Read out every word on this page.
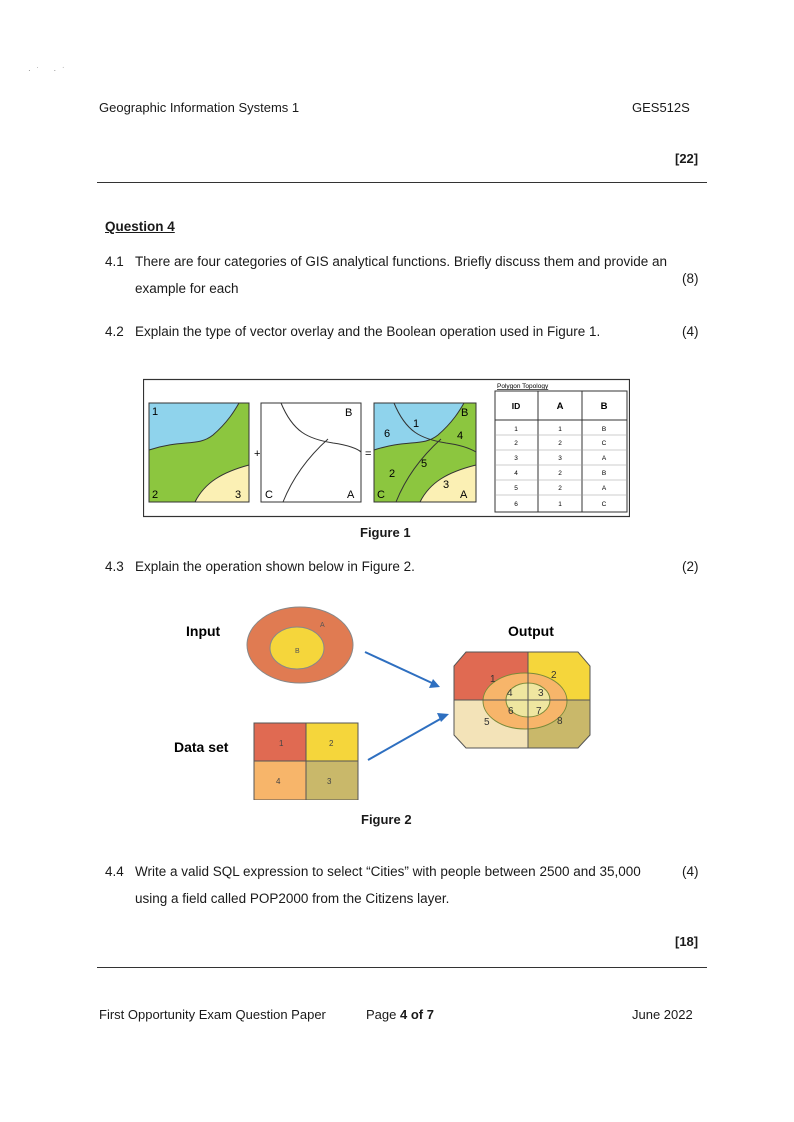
·˙ ·˙
Geographic Information Systems 1	GES512S
[22]
Question 4
4.1 There are four categories of GIS analytical functions. Briefly discuss them and provide an
example for each
(8)
4.2 Explain the type of vector overlay and the Boolean operation used in Figure 1.	(4)
1
2	3
+
B
C	A
=
B
1
6	4
5
2
3
C	A
Polygon Topology
ID	A	B
1	1	B
2	2	C
3	3	A
4	2	B
5	2	A
6	1	C
Figure 1
4.3 Explain the operation shown below in Figure 2.	(2)
Input
Data set
Output
A
B
1	2
4	3
1	2
4	3
5
6 7
8
Figure 2
4.4 Write a valid SQL expression to select “Cities” with people between 2500 and 35,000
using a field called POP2000 from the Citizens layer.
(4)
[18]
First Opportunity Exam Question Paper	Page 4 of 7	June 2022
